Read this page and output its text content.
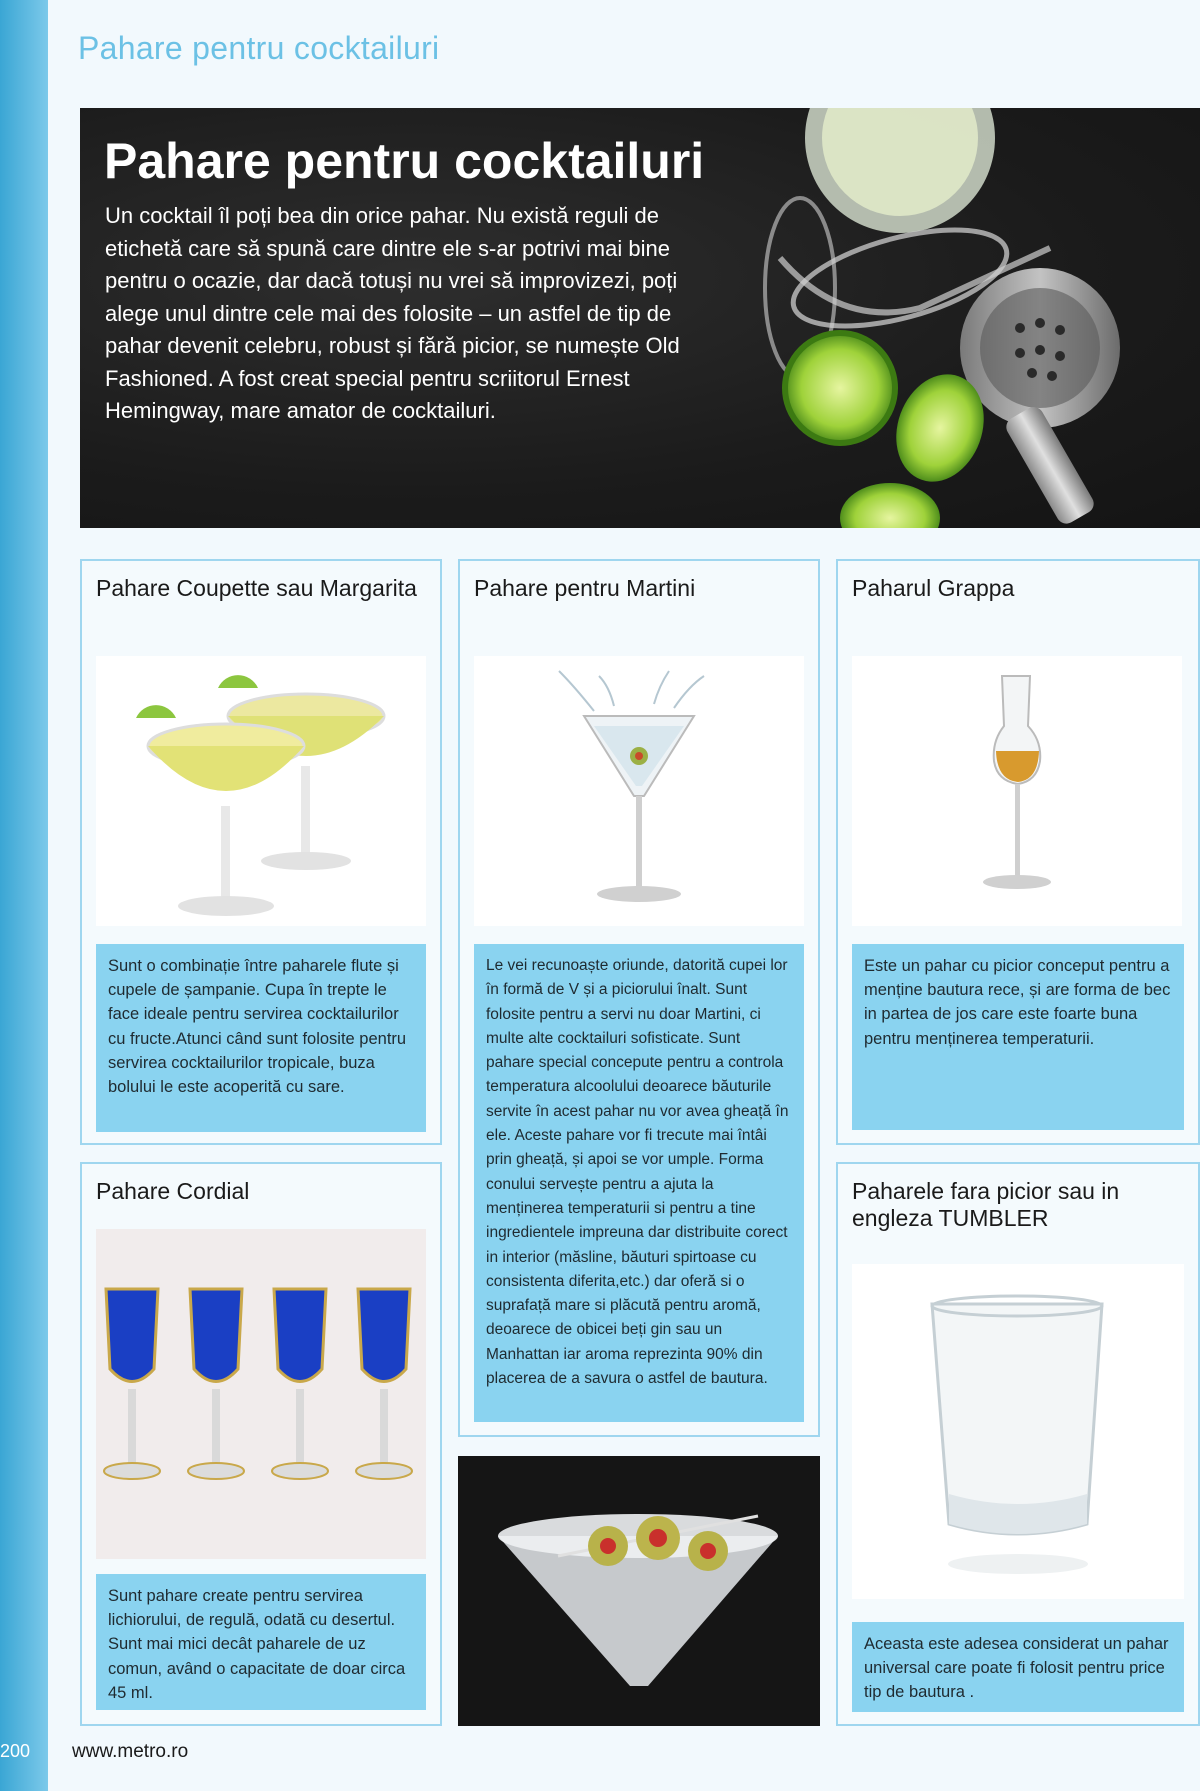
Pahare pentru cocktailuri
Pahare pentru cocktailuri
Un cocktail îl poți bea din orice pahar. Nu există reguli de etichetă care să spună care dintre ele s-ar potrivi mai bine pentru o ocazie, dar dacă totuși nu vrei să improvizezi, poți alege unul dintre cele mai des folosite – un astfel de tip de pahar devenit celebru, robust și fără picior, se numește Old Fashioned. A fost creat special pentru scriitorul Ernest Hemingway, mare amator de cocktailuri.
Pahare Coupette sau Margarita
Sunt o combinație între paharele flute și cupele de șampanie. Cupa în trepte le face ideale pentru servirea cocktailurilor cu fructe.Atunci când sunt folosite pentru servirea cocktailurilor tropicale, buza bolului le este acoperită cu sare.
Pahare pentru Martini
Le vei recunoaște oriunde, datorită cupei lor în formă de V și a piciorului înalt. Sunt folosite pentru a servi nu doar Martini, ci multe alte cocktailuri sofisticate. Sunt pahare special concepute pentru a controla temperatura alcoolului deoarece băuturile servite în acest pahar nu vor avea gheață în ele. Aceste pahare vor fi trecute mai întâi prin gheață, și apoi se vor umple. Forma conului servește pentru a ajuta la menținerea temperaturii si pentru a tine ingredientele impreuna dar distribuite corect in interior (măsline, băuturi spirtoase cu consistenta diferita,etc.) dar oferă si o suprafață mare si plăcută pentru aromă, deoarece de obicei beți gin sau un Manhattan iar aroma reprezinta 90% din placerea de a savura o astfel de bautura.
Paharul Grappa
Este un pahar cu picior conceput pentru a menține bautura rece, și are forma de bec in partea de jos care este foarte buna pentru menținerea temperaturii.
Pahare Cordial
Sunt pahare create pentru servirea lichiorului, de regulă, odată cu desertul. Sunt mai mici decât paharele de uz comun, având o capacitate de doar circa 45 ml.
Paharele fara picior sau in engleza TUMBLER
Aceasta este adesea considerat un pahar universal care poate fi folosit pentru price tip de bautura .
200 www.metro.ro
